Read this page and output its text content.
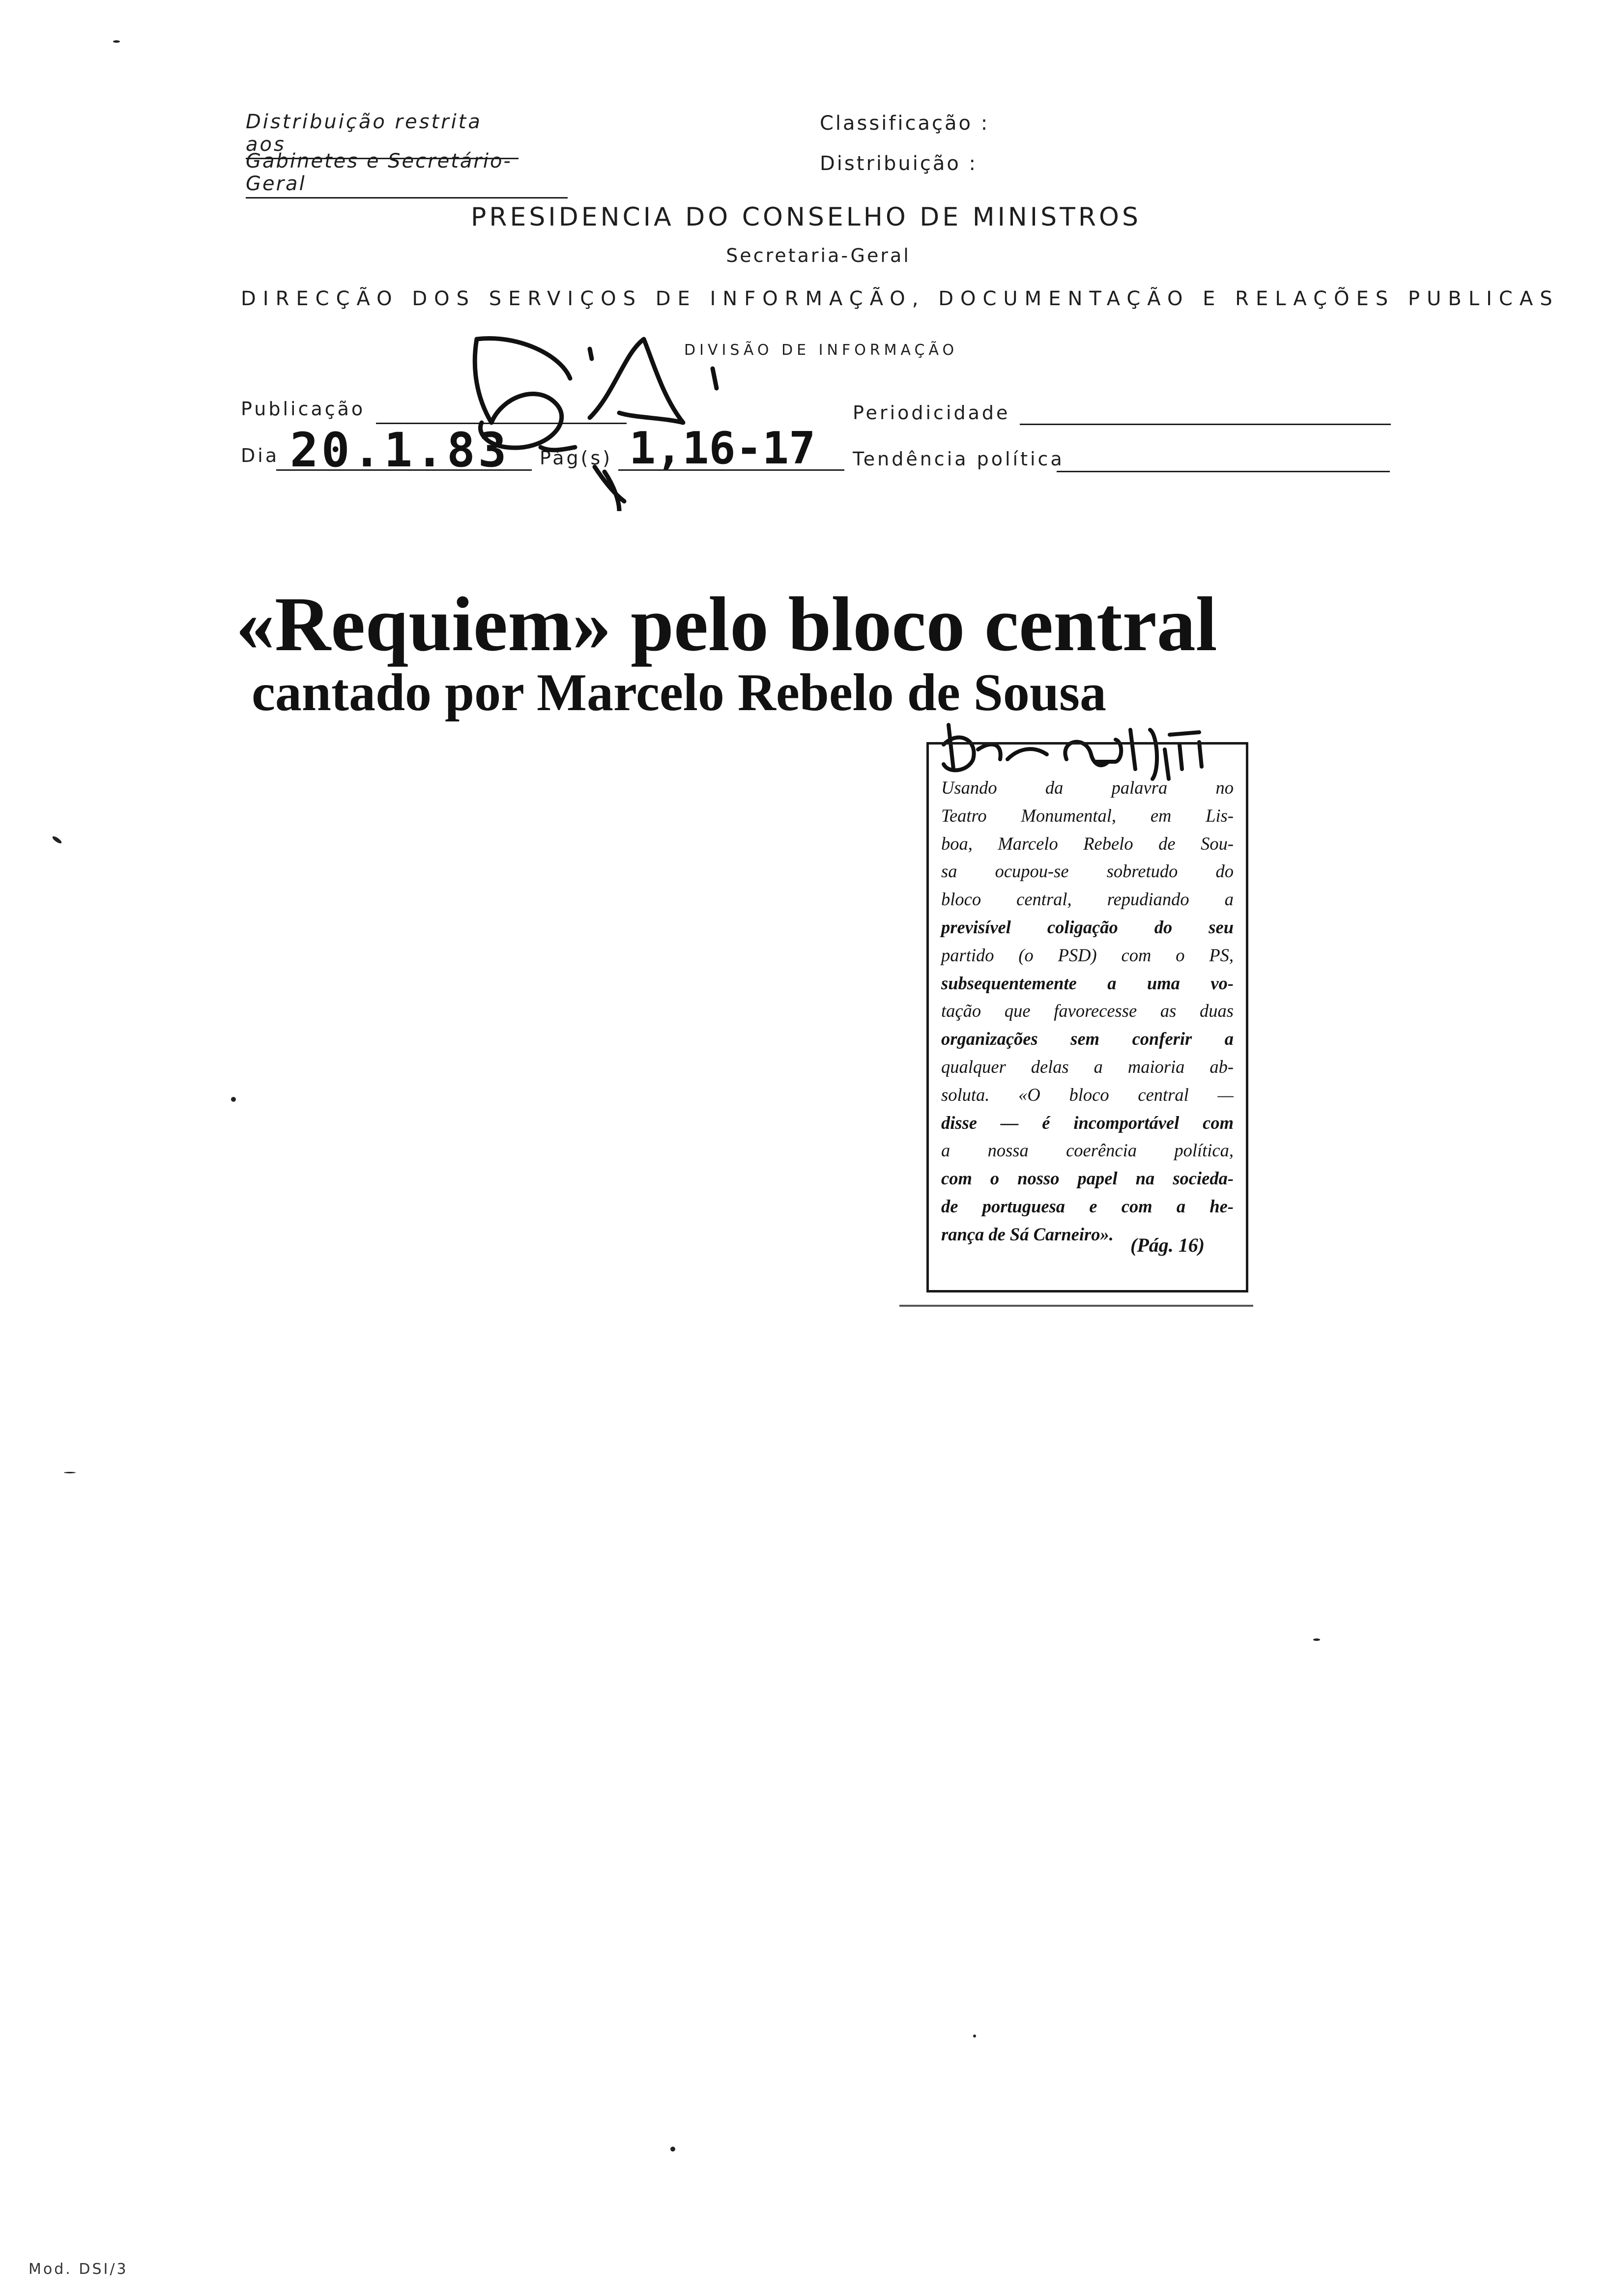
Distribuição restrita aos
Gabinetes e Secretário-Geral
Classificação :
Distribuição :
PRESIDENCIA DO CONSELHO DE MINISTROS
Secretaria-Geral
DIRECÇÃO DOS SERVIÇOS DE INFORMAÇÃO, DOCUMENTAÇÃO E RELAÇÕES PUBLICAS
DIVISÃO DE INFORMAÇÃO
Publicação
Dia 20.1.83 Pág(s) 1,16-17
Periodicidade
Tendência política
«Requiem» pelo bloco central
cantado por Marcelo Rebelo de Sousa
Usando da palavra no
Teatro Monumental, em Lis-
boa, Marcelo Rebelo de Sou-
sa ocupou-se sobretudo do
bloco central, repudiando a
previsível coligação do seu
partido (o PSD) com o PS,
subsequentemente a uma vo-
tação que favorecesse as duas
organizações sem conferir a
qualquer delas a maioria ab-
soluta. «O bloco central —
disse — é incomportável com
a nossa coerência política,
com o nosso papel na socieda-
de portuguesa e com a he-
rança de Sá Carneiro». (Pág. 16)
Mod. DSI/3
